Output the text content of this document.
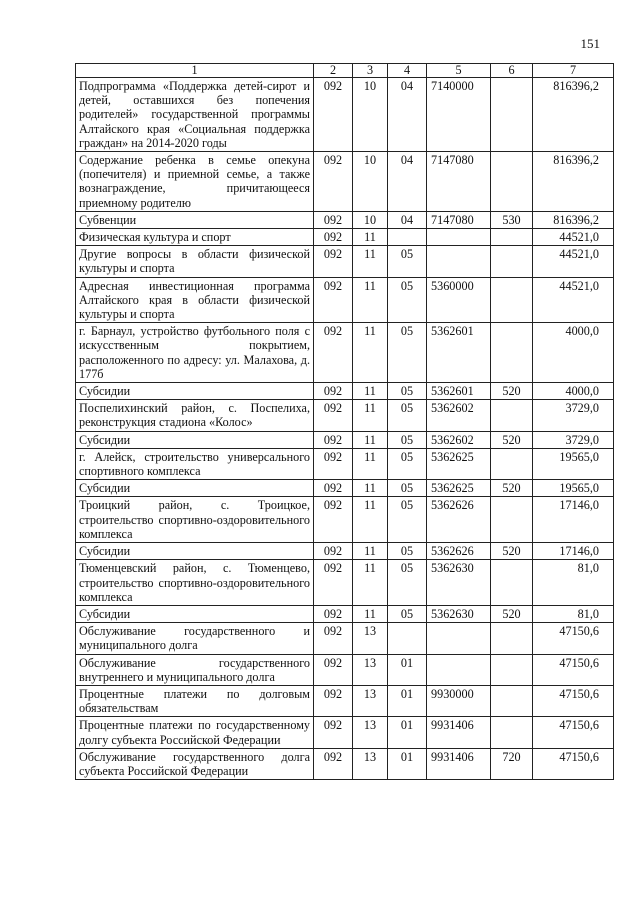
151
1	2	3	4	5	6	7
Подпрограмма «Поддержка детей-сирот и детей, оставшихся без попечения родителей» государственной программы Алтайского края «Социальная поддержка граждан» на 2014-2020 годы	092	10	04	7140000		816396,2
Содержание ребенка в семье опекуна (попечителя) и приемной семье, а также вознаграждение, причитающееся приемному родителю	092	10	04	7147080		816396,2
Субвенции	092	10	04	7147080	530	816396,2
Физическая культура и спорт	092	11				44521,0
Другие вопросы в области физической культуры и спорта	092	11	05			44521,0
Адресная инвестиционная программа Алтайского края в области физической культуры и спорта	092	11	05	5360000		44521,0
г. Барнаул, устройство футбольного поля с искусственным покрытием, расположенного по адресу: ул. Малахова, д. 177б	092	11	05	5362601		4000,0
Субсидии	092	11	05	5362601	520	4000,0
Поспелихинский район, с. Поспелиха, реконструкция стадиона «Колос»	092	11	05	5362602		3729,0
Субсидии	092	11	05	5362602	520	3729,0
г. Алейск, строительство универсального спортивного комплекса	092	11	05	5362625		19565,0
Субсидии	092	11	05	5362625	520	19565,0
Троицкий район, с. Троицкое, строительство спортивно-оздоровительного комплекса	092	11	05	5362626		17146,0
Субсидии	092	11	05	5362626	520	17146,0
Тюменцевский район, с. Тюменцево, строительство спортивно-оздоровительного комплекса	092	11	05	5362630		81,0
Субсидии	092	11	05	5362630	520	81,0
Обслуживание государственного и муниципального долга	092	13				47150,6
Обслуживание государственного внутреннего и муниципального долга	092	13	01			47150,6
Процентные платежи по долговым обязательствам	092	13	01	9930000		47150,6
Процентные платежи по государственному долгу субъекта Российской Федерации	092	13	01	9931406		47150,6
Обслуживание государственного долга субъекта Российской Федерации	092	13	01	9931406	720	47150,6
